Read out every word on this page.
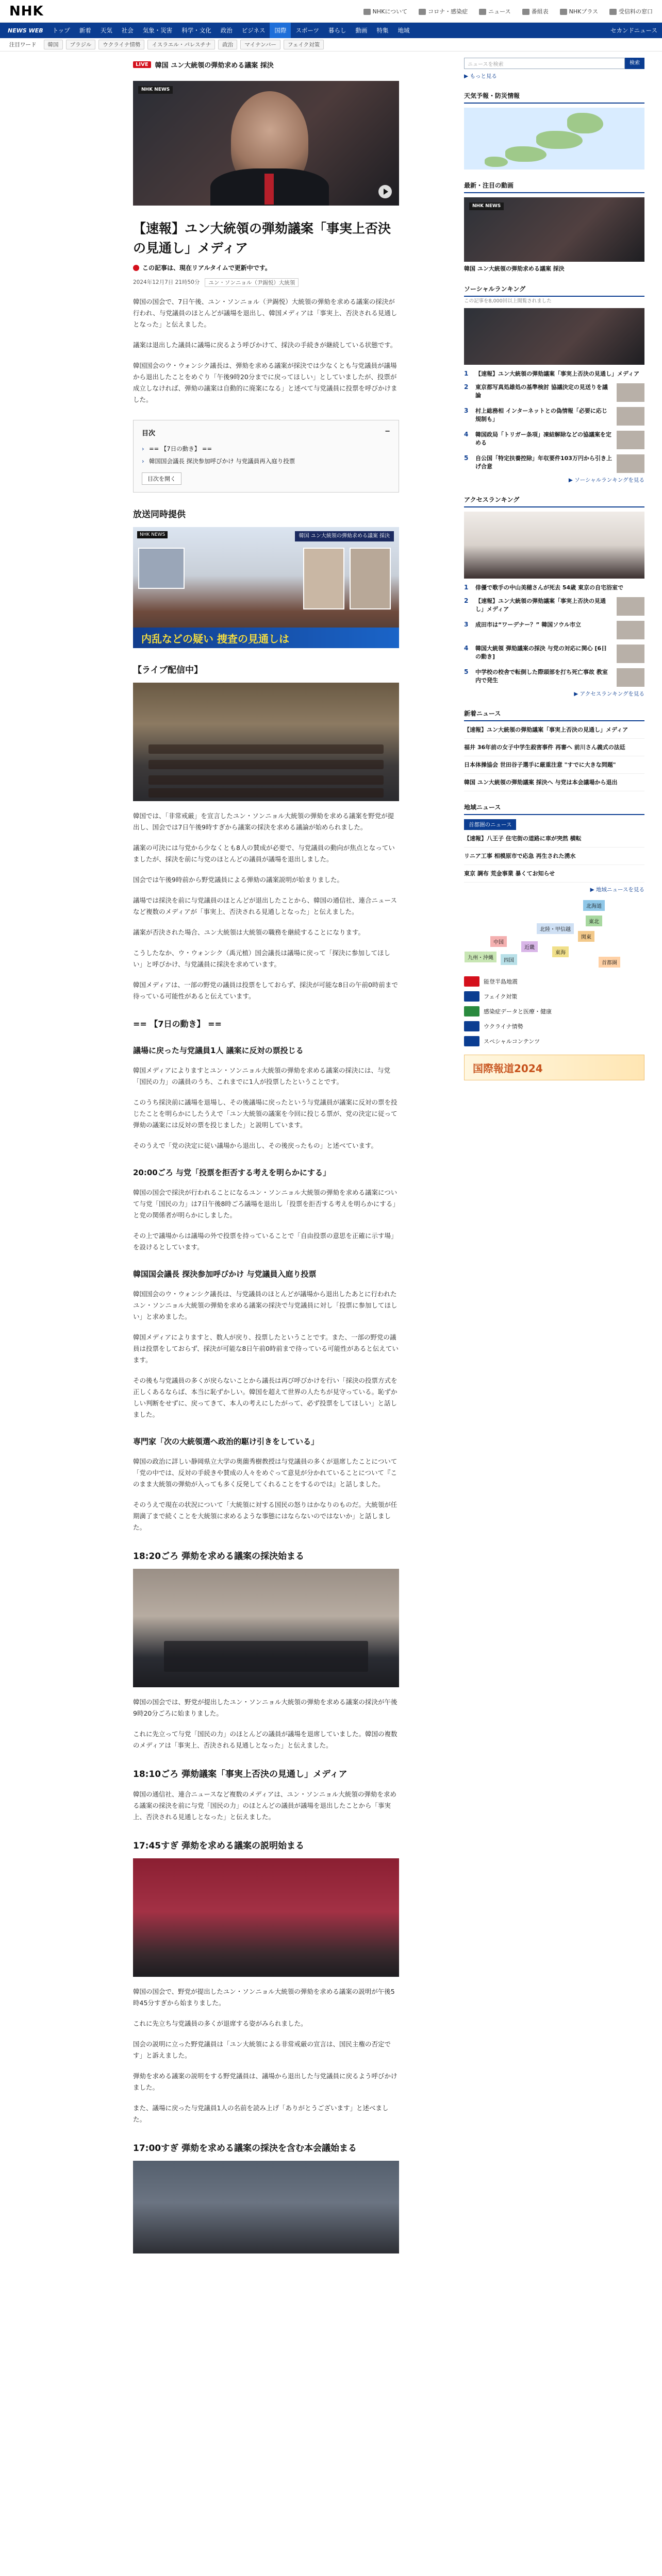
NHK	NHKについて	コロナ・感染症	ニュース	番組表	NHKプラス	受信料の窓口
NEWS WEB	トップ	新着	天気	社会	気象・災害	科学・文化	政治	ビジネス	国際	スポーツ	暮らし	動画	特集	地域	セカンドニュース
注目ワード	韓国	ブラジル	ウクライナ情勢	イスラエル・パレスチナ	政治	マイナンバー	フェイク対策
LIVE	韓国 ユン大統領の弾劾求める議案 採決
NHK NEWS
【速報】ユン大統領の弾劾議案「事実上否決の見通し」メディア
この記事は、現在リアルタイムで更新中です。
2024年12月7日 21時50分	ユン・ソンニョル（尹錫悦）大統領

韓国の国会で、7日午後、ユン・ソンニョル（尹錫悦）大統領の弾劾を求める議案の採決が行われ、与党議員のほとんどが議場を退出し、韓国メディアは「事実上、否決される見通しとなった」と伝えました。

議案は退出した議員に議場に戻るよう呼びかけて、採決の手続きが継続している状態です。

韓国国会のウ・ウォンシク議長は、弾劾を求める議案が採決では少なくとも与党議員が議場から退出したことをめぐり「午後9時20分までに戻ってほしい」としていましたが、投票が成立しなければ、弾劾の議案は自動的に廃案になる」と述べて与党議員に投票を呼びかけました。

目次	−
› == 【7日の動き】 ==
› 韓国国会議長 探決参加呼びかけ 与党議員再入庭り投票
目次を開く
放送同時提供
NHK NEWS	韓国 ユン大統領の弾劾求める議案 採決
内乱などの疑い 捜査の見通しは
【ライブ配信中】

韓国では、「非常戒厳」を宣言したユン・ソンニョル大統領の弾劾を求める議案を野党が提出し、国会では7日午後9時すぎから議案の採決を求める議論が始められました。

議案の可決には与党から少なくとも8人の賛成が必要で、与党議員の動向が焦点となっていましたが、採決を前に与党のほとんどの議員が議場を退出しました。

国会では午後9時前から野党議員による弾劾の議案説明が始まりました。

議場では採決を前に与党議員のほとんどが退出したことから、韓国の通信社、連合ニュースなど複数のメディアが「事実上、否決される見通しとなった」と伝えました。

議案が否決された場合、ユン大統領は大統領の職務を継続することになります。

こうしたなか、ウ・ウォンシク（禹元植）国会議長は議場に戻って「探決に参加してほしい」と呼びかけ、与党議員に採決を求めています。

韓国メディアは、一部の野党の議員は投票をしておらず、採決が可能な8日の午前0時前まで待っている可能性があると伝えています。

== 【7日の動き】 ==
議場に戻った与党議員1人 議案に反対の票投じる

韓国メディアによりますとユン・ソンニョル大統領の弾劾を求める議案の採決には、与党「国民の力」の議員のうち、これまでに1人が投票したということです。

このうち採決前に議場を退場し、その後議場に戻ったという与党議員が議案に反対の票を投じたことを明らかにしたうえで「ユン大統領の議案を今回に投じる票が、党の決定に従って弾劾の議案には反対の票を投じました」と説明しています。

そのうえで「党の決定に従い議場から退出し、その後戻ったもの」と述べています。

20:00ごろ 与党「投票を拒否する考えを明らかにする」

韓国の国会で採決が行われることになるユン・ソンニョル大統領の弾劾を求める議案について与党「国民の力」は7日午後8時ごろ議場を退出し「投票を拒否する考えを明らかにする」と党の関係者が明らかにしました。

その上で議場からは議場の外で投票を持っていることで「自由投票の意思を正確に示す場」を設けるとしています。

韓国国会議長 探決参加呼びかけ 与党議員入庭り投票

韓国国会のウ・ウォンシク議長は、与党議員のほとんどが議場から退出したあとに行われたユン・ソンニョル大統領の弾劾を求める議案の採決で与党議員に対し「投票に参加してほしい」と求めました。

韓国メディアによりますと、数人が戻り、投票したということです。また、一部の野党の議員は投票をしておらず、採決が可能な8日午前0時前まで待っている可能性があると伝えています。

その後も与党議員の多くが戻らないことから議長は再び呼びかけを行い「採決の投票方式を正しくあるならば、本当に恥ずかしい。韓国を超えて世界の人たちが見守っている。恥ずかしい判断をせずに、戻ってきて、本人の考えにしたがって、必ず投票をしてほしい」と話しました。

専門家「次の大統領選へ政治的駆け引きをしている」

韓国の政治に詳しい静岡県立大学の奥薗秀樹教授は与党議員の多くが退席したことについて「党の中では、反対の手続きや賛成の人々をめぐって意見が分かれていることについて『このまま大統領の弾劾が入っても多く反発してくれることをするのでは』と話しました。

そのうえで現在の状況について「大統領に対する国民の怒りはかなりのものだ。大統領が任期満了まで続くことを大統領に求めるような事態にはならないのではないか」と話しました。

18:20ごろ 弾劾を求める議案の採決始まる

韓国の国会では、野党が提出したユン・ソンニョル大統領の弾劾を求める議案の採決が午後9時20分ごろに始まりました。

これに先立って与党「国民の力」のほとんどの議員が議場を退席していました。韓国の複数のメディアは「事実上、否決される見通しとなった」と伝えました。

18:10ごろ 弾劾議案「事実上否決の見通し」メディア

韓国の通信社、連合ニュースなど複数のメディアは、ユン・ソンニョル大統領の弾劾を求める議案の採決を前に与党「国民の力」のほとんどの議員が議場を退出したことから「事実上、否決される見通しとなった」と伝えました。

17:45すぎ 弾劾を求める議案の説明始まる

韓国の国会で、野党が提出したユン・ソンニョル大統領の弾劾を求める議案の説明が午後5時45分すぎから始まりました。

これに先立ち与党議員の多くが退席する姿がみられました。

国会の説明に立った野党議員は「ユン大統領による非常戒厳の宣言は、国民主権の否定です」と訴えました。

弾劾を求める議案の説明をする野党議員は、議場から退出した与党議員に戻るよう呼びかけました。

また、議場に戻った与党議員1人の名前を読み上げ「ありがとうございます」と述べました。

17:00すぎ 弾劾を求める議案の採決を含む本会議始まる
ニュースを検索	検索
▶ もっと見る
天気予報・防災情報
最新・注目の動画
NHK NEWS
韓国 ユン大統領の弾劾求める議案 採決
ソーシャルランキング
この記事を8,000回以上閲覧されました
1	【速報】ユン大統領の弾劾議案「事実上否決の見通し」メディア
2	東京都写真処雄処の基準検討 協議決定の見送りを議論
3	村上総務相 インターネットとの偽情報「必要に応じ規制も」
4	韓国政局「トリガー条項」凍結解除などの協議案を定める
5	自公国「特定扶養控除」年収要件103万円から引き上げ合意
▶ ソーシャルランキングを見る
アクセスランキング
1	俳優で歌手の中山美穂さんが死去 54歳 東京の自宅浴室で
2	【速報】ユン大統領の弾劾議案「事実上否決の見通し」メディア
3	成田市は“ワーデナー？” 韓国ソウル市立
4	韓国大統領 弾劾議案の採決 与党の対応に関心 [6日の動き]
5	中学校の校舎で転倒した際頭部を打ち死亡事故 教室内で発生
▶ アクセスランキングを見る
新着ニュース
【速報】ユン大統領の弾劾議案「事実上否決の見通し」メディア
福井 36年前の女子中学生殺害事件 再審へ 前川さん義式の法廷
日本体操協会 世田谷子選手に厳重注意 "すでに大きな問題"
韓国 ユン大統領の弾劾議案 採決へ 与党は本会議場から退出
地域ニュース
首都圏のニュース
【速報】八王子 住宅街の道路に車が突然 横転
リニア工事 相模原市で応急 再生された湧水
東京 調布 荒金事業 暴くてお知らせ
▶ 地域ニュースを見る
北海道
東北
関東
東海
近畿
中国
四国
九州・沖縄
首都圏
北陸・甲信越
能登半島地震
フェイク対策
感染症データと医療・健康
ウクライナ情勢
スペシャルコンテンツ
国際報道2024
